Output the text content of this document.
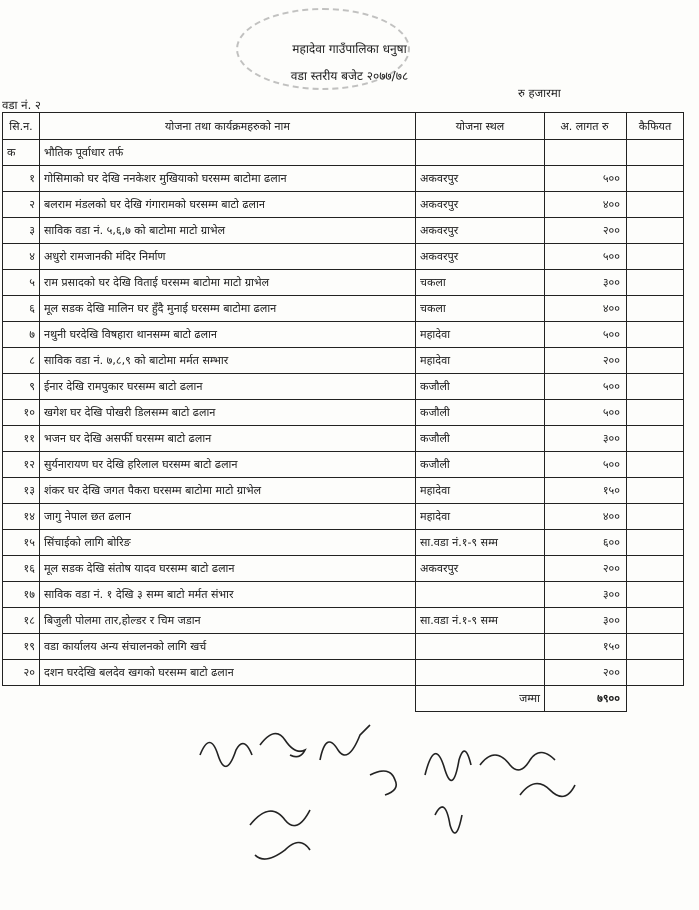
महादेवा गाउँपालिका धनुषा
वडा स्तरीय बजेट २०७७/७८
रु हजारमा
वडा नं. २
सि.न.	योजना तथा कार्यक्रमहरुको नाम	योजना स्थल	अ. लागत रु	कैफियत
क	भौतिक पूर्वाधार तर्फ			
१	गोसिमाको घर देखि ननकेशर मुखियाको घरसम्म बाटोमा ढलान	अकवरपुर	५००	
२	बलराम मंडलको घर देखि गंगारामको घरसम्म बाटो ढलान	अकवरपुर	४००	
३	साविक वडा नं. ५,६,७ को बाटोमा माटो ग्राभेल	अकवरपुर	२००	
४	अधुरो रामजानकी मंदिर निर्माण	अकवरपुर	५००	
५	राम प्रसादको घर देखि विताई घरसम्म बाटोमा माटो ग्राभेल	चकला	३००	
६	मूल सडक देखि मालिन घर हुँदै मुनाई घरसम्म बाटोमा ढलान	चकला	४००	
७	नथुनी घरदेखि विषहारा थानसम्म बाटो ढलान	महादेवा	५००	
८	साविक वडा नं. ७,८,९ को बाटोमा मर्मत सम्भार	महादेवा	२००	
९	ईनार देखि रामपुकार घरसम्म बाटो ढलान	कजौली	५००	
१०	खगेश घर देखि पोखरी डिलसम्म बाटो ढलान	कजौली	५००	
११	भजन घर देखि असर्फी घरसम्म बाटो ढलान	कजौली	३००	
१२	सुर्यनारायण घर देखि हरिलाल घरसम्म बाटो ढलान	कजौली	५००	
१३	शंकर घर देखि जगत पैकरा घरसम्म बाटोमा माटो ग्राभेल	महादेवा	१५०	
१४	जागु नेपाल छत ढलान	महादेवा	४००	
१५	सिंचाईको लागि बोरिङ	सा.वडा नं.१-९ सम्म	६००	
१६	मूल सडक देखि संतोष यादव घरसम्म बाटो ढलान	अकवरपुर	२००	
१७	साविक वडा नं. १ देखि ३ सम्म बाटो मर्मत संभार		३००	
१८	बिजुली पोलमा तार,होल्डर र चिम जडान	सा.वडा नं.१-९ सम्म	३००	
१९	वडा कार्यालय अन्य संचालनको लागि खर्च		१५०	
२०	दशन घरदेखि बलदेव खगको घरसम्म बाटो ढलान		२००	
		जम्मा	७९००	
